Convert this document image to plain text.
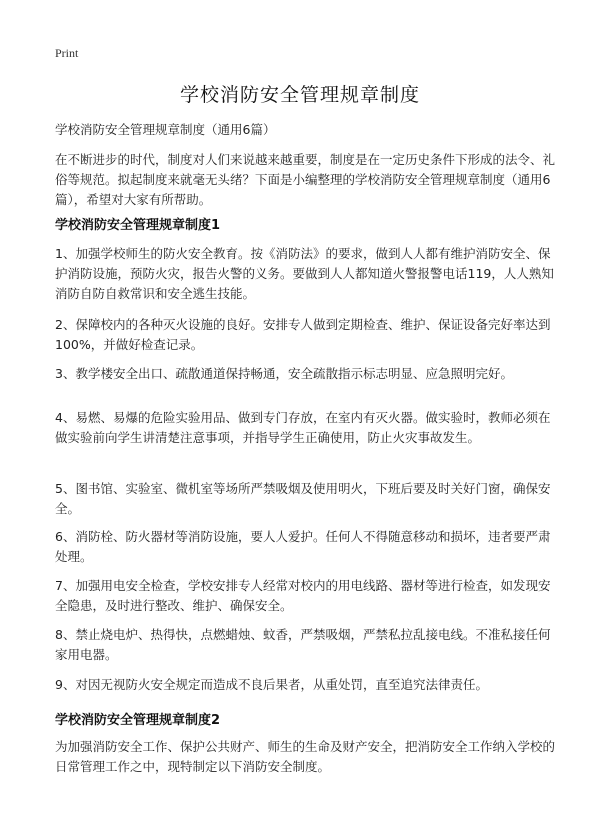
Print
学校消防安全管理规章制度
学校消防安全管理规章制度（通用6篇）

在不断进步的时代，制度对人们来说越来越重要，制度是在一定历史条件下形成的法令、礼俗等规范。拟起制度来就毫无头绪？下面是小编整理的学校消防安全管理规章制度（通用6篇），希望对大家有所帮助。

学校消防安全管理规章制度1

1、加强学校师生的防火安全教育。按《消防法》的要求，做到人人都有维护消防安全、保护消防设施，预防火灾，报告火警的义务。要做到人人都知道火警报警电话119，人人熟知消防自防自救常识和安全逃生技能。

2、保障校内的各种灭火设施的良好。安排专人做到定期检查、维护、保证设备完好率达到100%，并做好检查记录。

3、教学楼安全出口、疏散通道保持畅通，安全疏散指示标志明显、应急照明完好。

4、易燃、易爆的危险实验用品、做到专门存放，在室内有灭火器。做实验时，教师必须在做实验前向学生讲清楚注意事项，并指导学生正确使用，防止火灾事故发生。

5、图书馆、实验室、微机室等场所严禁吸烟及使用明火，下班后要及时关好门窗，确保安全。

6、消防栓、防火器材等消防设施，要人人爱护。任何人不得随意移动和损坏，违者要严肃处理。

7、加强用电安全检查，学校安排专人经常对校内的用电线路、器材等进行检查，如发现安全隐患，及时进行整改、维护、确保安全。

8、禁止烧电炉、热得快，点燃蜡烛、蚊香，严禁吸烟，严禁私拉乱接电线。不准私接任何家用电器。

9、对因无视防火安全规定而造成不良后果者，从重处罚，直至追究法律责任。

学校消防安全管理规章制度2

为加强消防安全工作、保护公共财产、师生的生命及财产安全，把消防安全工作纳入学校的日常管理工作之中，现特制定以下消防安全制度。
